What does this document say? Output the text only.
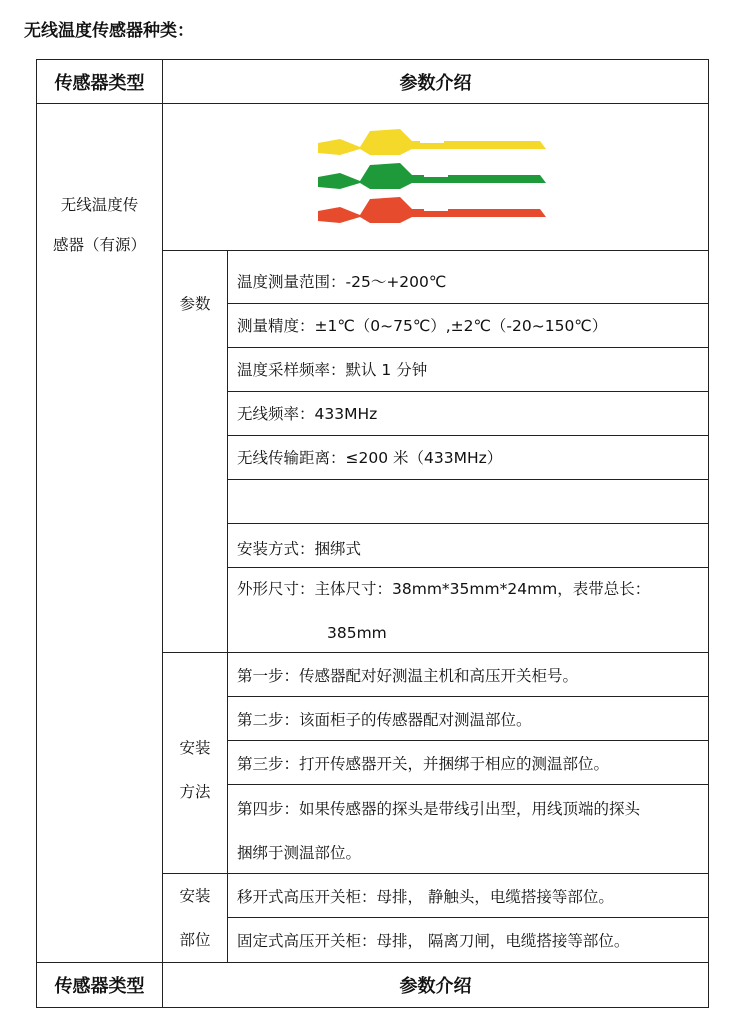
无线温度传感器种类：
传感器类型	参数介绍
无线温度传
感器（有源）
参数
温度测量范围：-25～+200℃
测量精度：±1℃（0~75℃）,±2℃（-20~150℃）
温度采样频率：默认 1 分钟
无线频率：433MHz
无线传输距离：≤200 米（433MHz）
安装方式：捆绑式
外形尺寸：主体尺寸：38mm*35mm*24mm，表带总长：
385mm
安装
方法
第一步：传感器配对好测温主机和高压开关柜号。
第二步：该面柜子的传感器配对测温部位。
第三步：打开传感器开关，并捆绑于相应的测温部位。
第四步：如果传感器的探头是带线引出型，用线顶端的探头
捆绑于测温部位。
安装
部位
移开式高压开关柜：母排， 静触头，电缆搭接等部位。
固定式高压开关柜：母排， 隔离刀闸，电缆搭接等部位。
传感器类型	参数介绍
